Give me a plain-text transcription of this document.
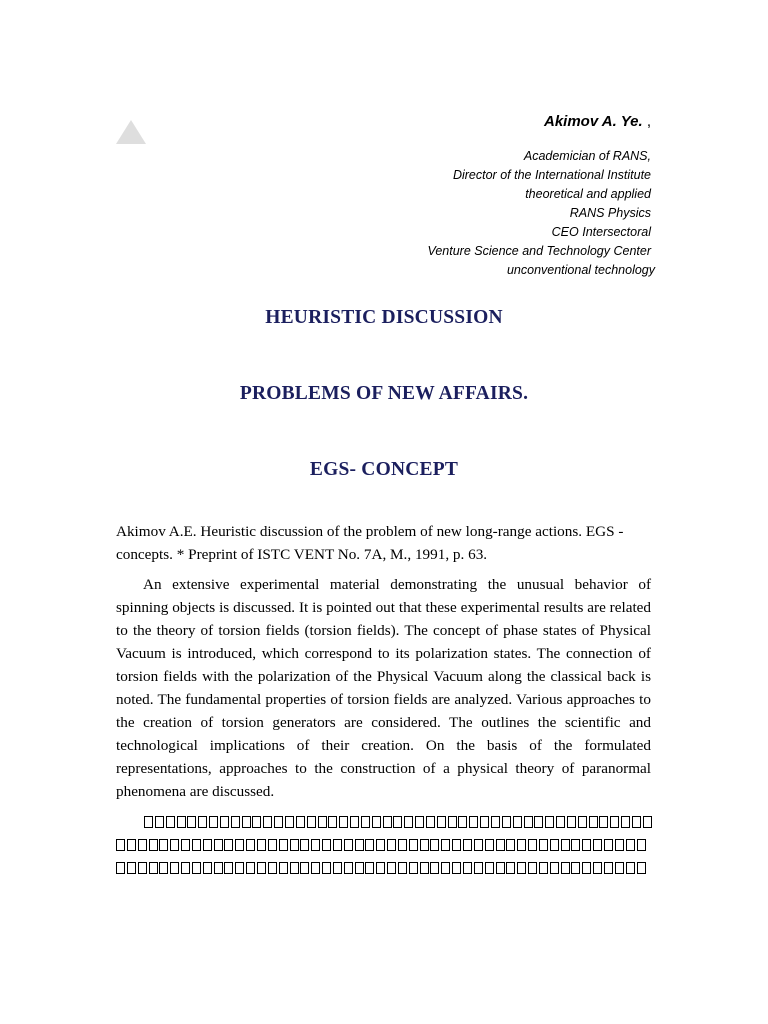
Akimov A. Ye. ,
Academician of RANS,
Director of the International Institute
theoretical and applied
RANS Physics
CEO Intersectoral
Venture Science and Technology Center
unconventional technology
HEURISTIC DISCUSSION
PROBLEMS OF NEW AFFAIRS.
EGS- CONCEPT

Akimov A.E. Heuristic discussion of the problem of new long-range actions. EGS - concepts. * Preprint of ISTC VENT No. 7A, M., 1991, p. 63.

An extensive experimental material demonstrating the unusual behavior of spinning objects is discussed. It is pointed out that these experimental results are related to the theory of torsion fields (torsion fields). The concept of phase states of Physical Vacuum is introduced, which correspond to its polarization states. The connection of torsion fields with the polarization of the Physical Vacuum along the classical back is noted. The fundamental properties of torsion fields are analyzed. Various approaches to the creation of torsion generators are considered. The outlines the scientific and technological implications of their creation. On the basis of the formulated representations, approaches to the construction of a physical theory of paranormal phenomena are discussed.
